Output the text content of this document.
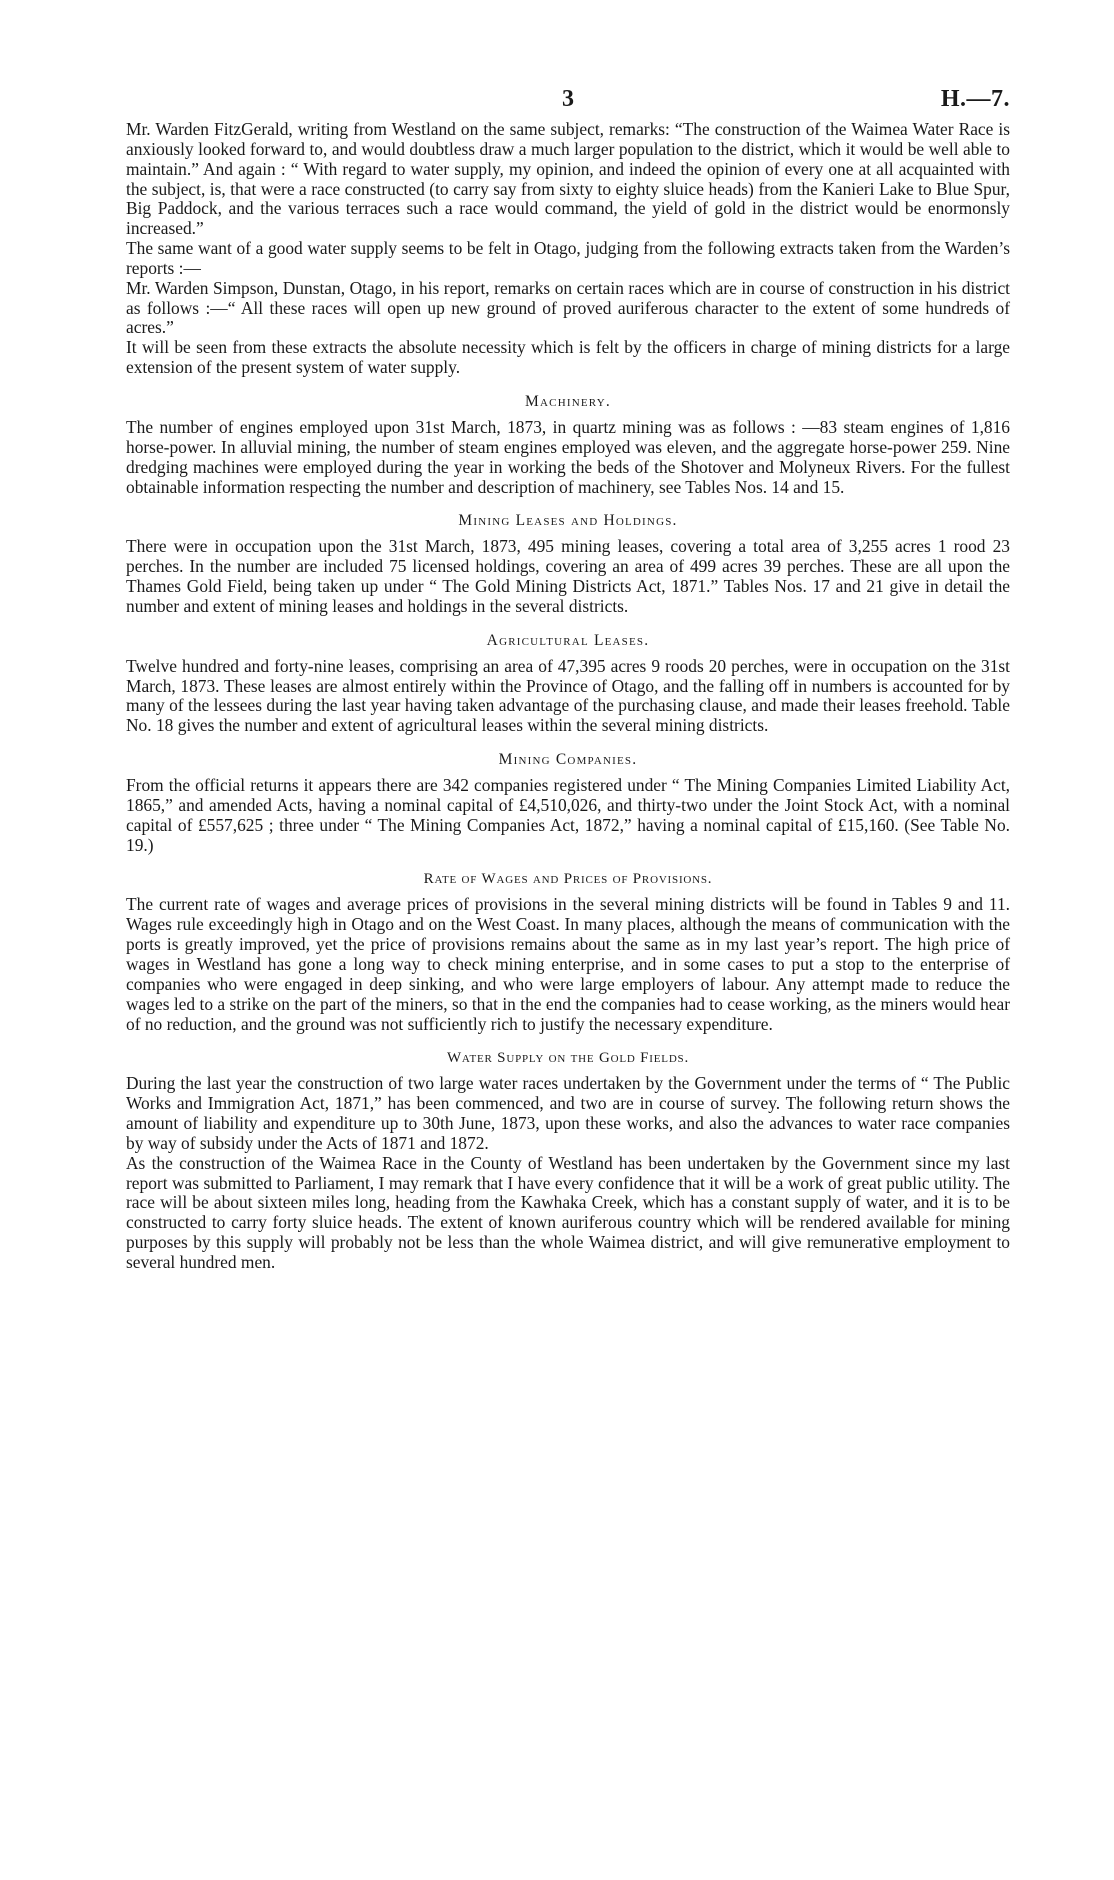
3	H.—7.

Mr. Warden FitzGerald, writing from Westland on the same subject, remarks: “The construction of the Waimea Water Race is anxiously looked forward to, and would doubtless draw a much larger population to the district, which it would be well able to maintain.” And again : “ With regard to water supply, my opinion, and indeed the opinion of every one at all acquainted with the subject, is, that were a race constructed (to carry say from sixty to eighty sluice heads) from the Kanieri Lake to Blue Spur, Big Paddock, and the various terraces such a race would command, the yield of gold in the district would be enormonsly increased.”

The same want of a good water supply seems to be felt in Otago, judging from the following extracts taken from the Warden’s reports :—

Mr. Warden Simpson, Dunstan, Otago, in his report, remarks on certain races which are in course of construction in his district as follows :—“ All these races will open up new ground of proved auriferous character to the extent of some hundreds of acres.”

It will be seen from these extracts the absolute necessity which is felt by the officers in charge of mining districts for a large extension of the present system of water supply.

Machinery.

The number of engines employed upon 31st March, 1873, in quartz mining was as follows : —83 steam engines of 1,816 horse-power. In alluvial mining, the number of steam engines employed was eleven, and the aggregate horse-power 259. Nine dredging machines were employed during the year in working the beds of the Shotover and Molyneux Rivers. For the fullest obtainable information respecting the number and description of machinery, see Tables Nos. 14 and 15.

Mining Leases and Holdings.

There were in occupation upon the 31st March, 1873, 495 mining leases, covering a total area of 3,255 acres 1 rood 23 perches. In the number are included 75 licensed holdings, covering an area of 499 acres 39 perches. These are all upon the Thames Gold Field, being taken up under “ The Gold Mining Districts Act, 1871.” Tables Nos. 17 and 21 give in detail the number and extent of mining leases and holdings in the several districts.

Agricultural Leases.

Twelve hundred and forty-nine leases, comprising an area of 47,395 acres 9 roods 20 perches, were in occupation on the 31st March, 1873. These leases are almost entirely within the Province of Otago, and the falling off in numbers is accounted for by many of the lessees during the last year having taken advantage of the purchasing clause, and made their leases freehold. Table No. 18 gives the number and extent of agricultural leases within the several mining districts.

Mining Companies.

From the official returns it appears there are 342 companies registered under “ The Mining Companies Limited Liability Act, 1865,” and amended Acts, having a nominal capital of £4,510,026, and thirty-two under the Joint Stock Act, with a nominal capital of £557,625 ; three under “ The Mining Companies Act, 1872,” having a nominal capital of £15,160. (See Table No. 19.)

Rate of Wages and Prices of Provisions.

The current rate of wages and average prices of provisions in the several mining districts will be found in Tables 9 and 11. Wages rule exceedingly high in Otago and on the West Coast. In many places, although the means of communication with the ports is greatly improved, yet the price of provisions remains about the same as in my last year’s report. The high price of wages in Westland has gone a long way to check mining enterprise, and in some cases to put a stop to the enterprise of companies who were engaged in deep sinking, and who were large employers of labour. Any attempt made to reduce the wages led to a strike on the part of the miners, so that in the end the companies had to cease working, as the miners would hear of no reduction, and the ground was not sufficiently rich to justify the necessary expenditure.

Water Supply on the Gold Fields.

During the last year the construction of two large water races undertaken by the Government under the terms of “ The Public Works and Immigration Act, 1871,” has been commenced, and two are in course of survey. The following return shows the amount of liability and expenditure up to 30th June, 1873, upon these works, and also the advances to water race companies by way of subsidy under the Acts of 1871 and 1872.

As the construction of the Waimea Race in the County of Westland has been undertaken by the Government since my last report was submitted to Parliament, I may remark that I have every confidence that it will be a work of great public utility. The race will be about sixteen miles long, heading from the Kawhaka Creek, which has a constant supply of water, and it is to be constructed to carry forty sluice heads. The extent of known auriferous country which will be rendered available for mining purposes by this supply will probably not be less than the whole Waimea district, and will give remunerative employment to several hundred men.
